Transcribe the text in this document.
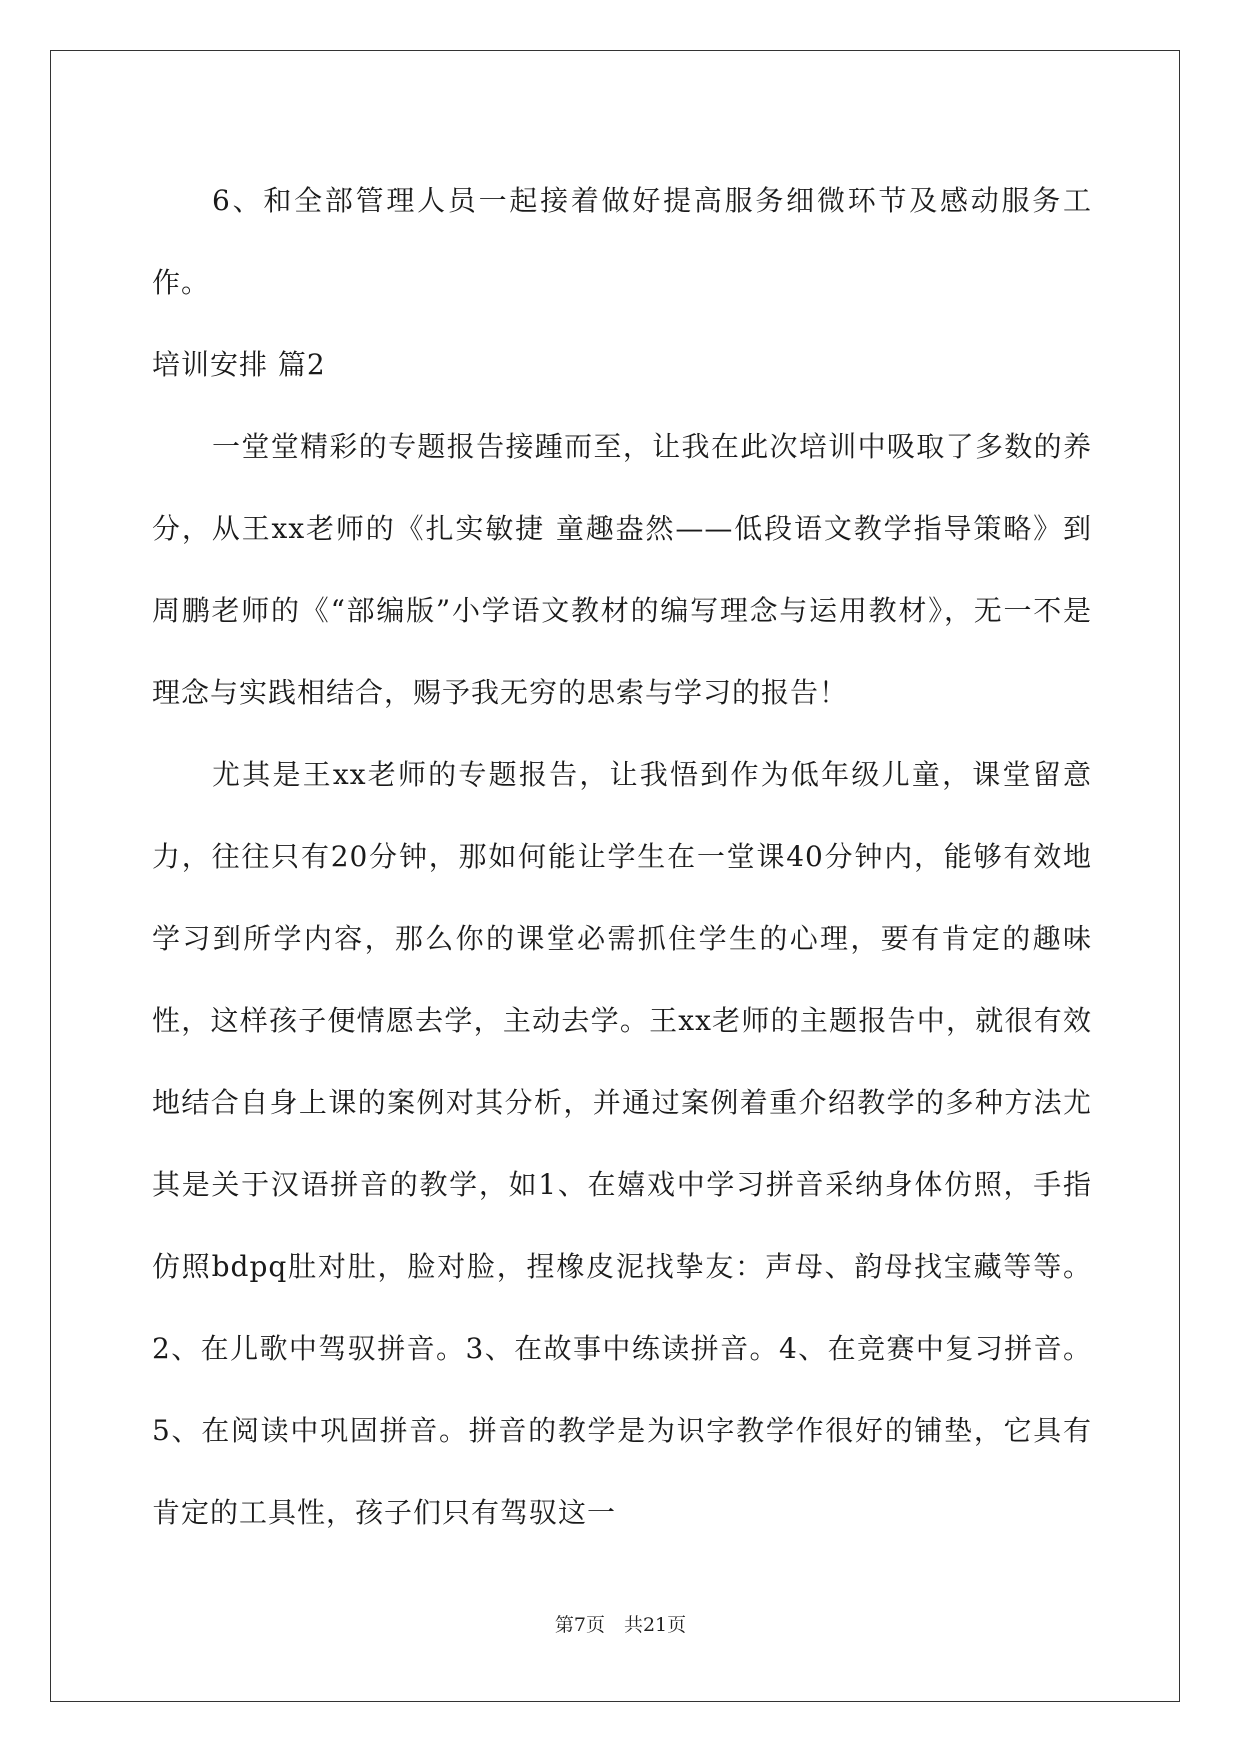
6、和全部管理人员一起接着做好提高服务细微环节及感动服务工作。

培训安排 篇2

一堂堂精彩的专题报告接踵而至，让我在此次培训中吸取了多数的养分，从王xx老师的《扎实敏捷 童趣盎然——低段语文教学指导策略》到周鹏老师的《“部编版”小学语文教材的编写理念与运用教材》，无一不是理念与实践相结合，赐予我无穷的思索与学习的报告！

尤其是王xx老师的专题报告，让我悟到作为低年级儿童，课堂留意力，往往只有20分钟，那如何能让学生在一堂课40分钟内，能够有效地学习到所学内容，那么你的课堂必需抓住学生的心理，要有肯定的趣味性，这样孩子便情愿去学，主动去学。王xx老师的主题报告中，就很有效地结合自身上课的案例对其分析，并通过案例着重介绍教学的多种方法尤其是关于汉语拼音的教学，如1、在嬉戏中学习拼音采纳身体仿照，手指仿照bdpq肚对肚，脸对脸，捏橡皮泥找挚友：声母、韵母找宝藏等等。2、在儿歌中驾驭拼音。3、在故事中练读拼音。4、在竞赛中复习拼音。5、在阅读中巩固拼音。拼音的教学是为识字教学作很好的铺垫，它具有肯定的工具性，孩子们只有驾驭这一

第7页　共21页
